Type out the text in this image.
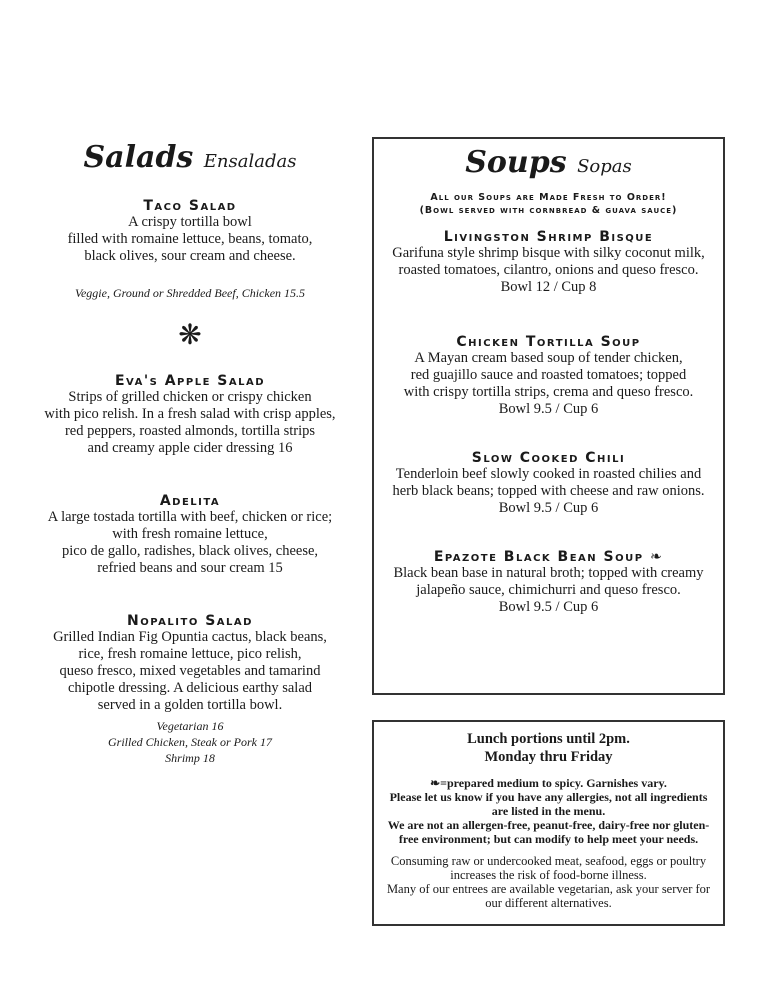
Salads Ensaladas

Taco Salad

A crispy tortilla bowl

filled with romaine lettuce, beans, tomato,

black olives, sour cream and cheese.

Veggie, Ground or Shredded Beef, Chicken 15.5
❋

Eva's Apple Salad

Strips of grilled chicken or crispy chicken

with pico relish. In a fresh salad with crisp apples,

red peppers, roasted almonds, tortilla strips

and creamy apple cider dressing 16

Adelita

A large tostada tortilla with beef, chicken or rice;

with fresh romaine lettuce,

pico de gallo, radishes, black olives, cheese,

refried beans and sour cream 15

Nopalito Salad

Grilled Indian Fig Opuntia cactus, black beans,

rice, fresh romaine lettuce, pico relish,

queso fresco, mixed vegetables and tamarind

chipotle dressing. A delicious earthy salad

served in a golden tortilla bowl.

Vegetarian 16
Grilled Chicken, Steak or Pork 17
Shrimp 18
Soups Sopas
All our Soups are Made Fresh to Order!
(Bowl served with cornbread & guava sauce)

Livingston Shrimp Bisque

Garifuna style shrimp bisque with silky coconut milk,

roasted tomatoes, cilantro, onions and queso fresco.

Bowl 12 / Cup 8

Chicken Tortilla Soup

A Mayan cream based soup of tender chicken,

red guajillo sauce and roasted tomatoes; topped

with crispy tortilla strips, crema and queso fresco.

Bowl 9.5 / Cup 6

Slow Cooked Chili

Tenderloin beef slowly cooked in roasted chilies and

herb black beans; topped with cheese and raw onions.

Bowl 9.5 / Cup 6

Epazote Black Bean Soup ❧

Black bean base in natural broth; topped with creamy

jalapeño sauce, chimichurri and queso fresco.

Bowl 9.5 / Cup 6

Lunch portions until 2pm.
Monday thru Friday
❧=prepared medium to spicy. Garnishes vary.
Please let us know if you have any allergies, not all ingredients
are listed in the menu.
We are not an allergen-free, peanut-free, dairy-free nor gluten-
free environment; but can modify to help meet your needs.
Consuming raw or undercooked meat, seafood, eggs or poultry
increases the risk of food-borne illness.
Many of our entrees are available vegetarian, ask your server for
our different alternatives.
